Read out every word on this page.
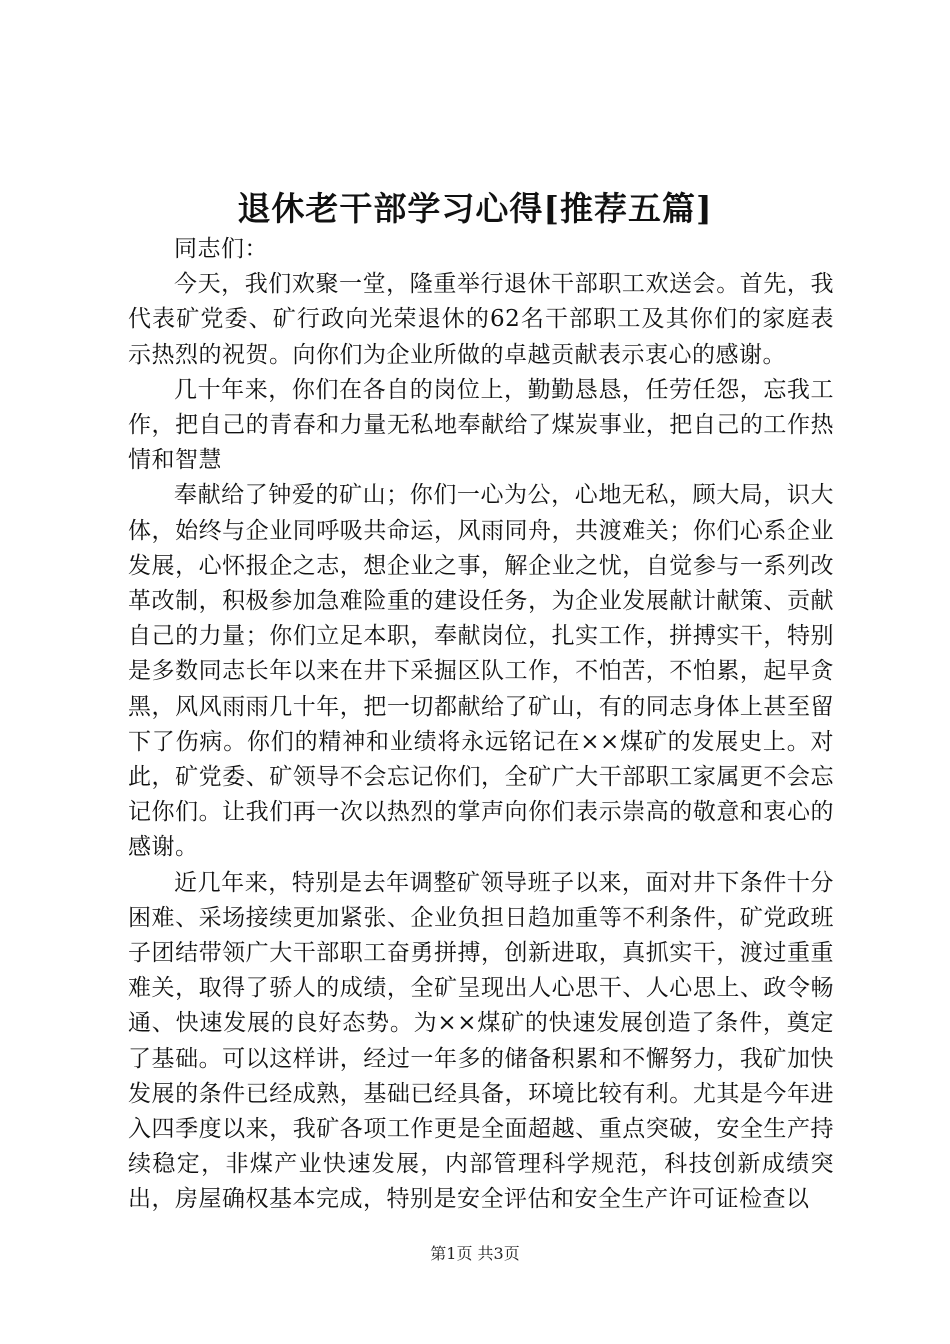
退休老干部学习心得[推荐五篇]

同志们：

今天，我们欢聚一堂，隆重举行退休干部职工欢送会。首先，我代表矿党委、矿行政向光荣退休的62名干部职工及其你们的家庭表示热烈的祝贺。向你们为企业所做的卓越贡献表示衷心的感谢。

几十年来，你们在各自的岗位上，勤勤恳恳，任劳任怨，忘我工作，把自己的青春和力量无私地奉献给了煤炭事业，把自己的工作热情和智慧

奉献给了钟爱的矿山；你们一心为公，心地无私，顾大局，识大体，始终与企业同呼吸共命运，风雨同舟，共渡难关；你们心系企业发展，心怀报企之志，想企业之事，解企业之忧，自觉参与一系列改革改制，积极参加急难险重的建设任务，为企业发展献计献策、贡献自己的力量；你们立足本职，奉献岗位，扎实工作，拼搏实干，特别是多数同志长年以来在井下采掘区队工作，不怕苦，不怕累，起早贪黑，风风雨雨几十年，把一切都献给了矿山，有的同志身体上甚至留下了伤病。你们的精神和业绩将永远铭记在××煤矿的发展史上。对此，矿党委、矿领导不会忘记你们，全矿广大干部职工家属更不会忘记你们。让我们再一次以热烈的掌声向你们表示崇高的敬意和衷心的感谢。

近几年来，特别是去年调整矿领导班子以来，面对井下条件十分困难、采场接续更加紧张、企业负担日趋加重等不利条件，矿党政班子团结带领广大干部职工奋勇拼搏，创新进取，真抓实干，渡过重重难关，取得了骄人的成绩，全矿呈现出人心思干、人心思上、政令畅通、快速发展的良好态势。为××煤矿的快速发展创造了条件，奠定了基础。可以这样讲，经过一年多的储备积累和不懈努力，我矿加快发展的条件已经成熟，基础已经具备，环境比较有利。尤其是今年进入四季度以来，我矿各项工作更是全面超越、重点突破，安全生产持续稳定，非煤产业快速发展，内部管理科学规范，科技创新成绩突出，房屋确权基本完成，特别是安全评估和安全生产许可证检查以

第1页 共3页
